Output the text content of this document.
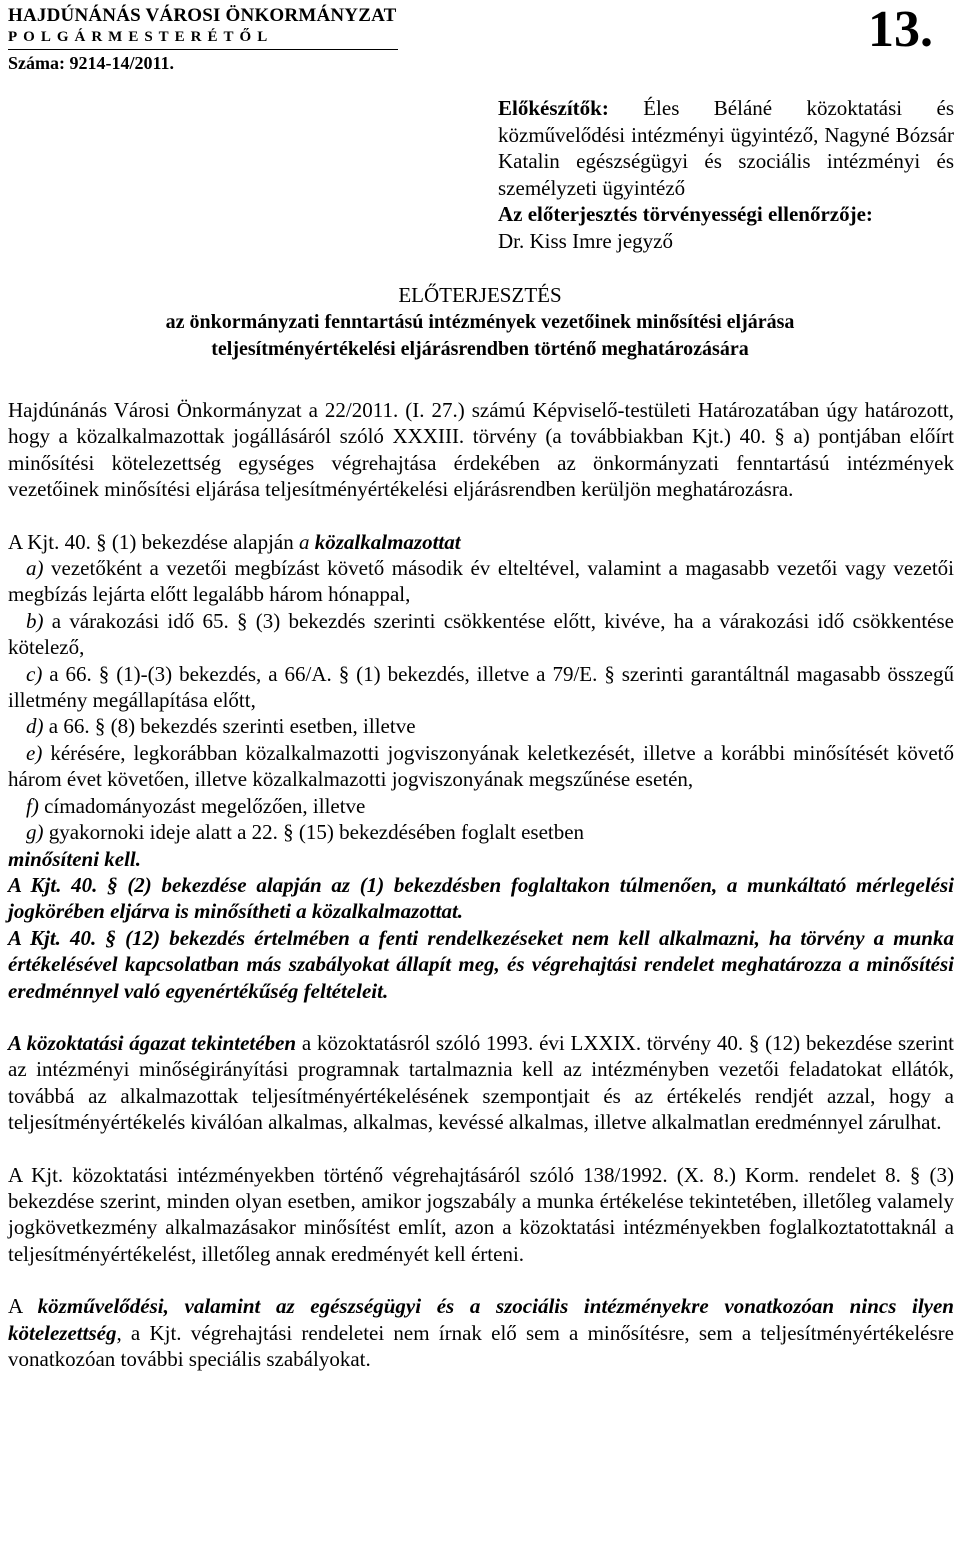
HAJDÚNÁNÁS VÁROSI ÖNKORMÁNYZAT
POLGÁRMESTERÉTŐL
Száma: 9214-14/2011.
13.

Előkészítők: Éles Béláné közoktatási és közművelődési intézményi ügyintéző, Nagyné Bózsár Katalin egészségügyi és szociális intézményi és személyzeti ügyintéző

Az előterjesztés törvényességi ellenőrzője:

Dr. Kiss Imre jegyző

ELŐTERJESZTÉS
az önkormányzati fenntartású intézmények vezetőinek minősítési eljárása
teljesítményértékelési eljárásrendben történő meghatározására

Hajdúnánás Városi Önkormányzat a 22/2011. (I. 27.) számú Képviselő-testületi Határozatában úgy határozott, hogy a közalkalmazottak jogállásáról szóló XXXIII. törvény (a továbbiakban Kjt.) 40. § a) pontjában előírt minősítési kötelezettség egységes végrehajtása érdekében az önkormányzati fenntartású intézmények vezetőinek minősítési eljárása teljesítményértékelési eljárásrendben kerüljön meghatározásra.

A Kjt. 40. § (1) bekezdése alapján a közalkalmazottat

a) vezetőként a vezetői megbízást követő második év elteltével, valamint a magasabb vezetői vagy vezetői megbízás lejárta előtt legalább három hónappal,

b) a várakozási idő 65. § (3) bekezdés szerinti csökkentése előtt, kivéve, ha a várakozási idő csökkentése kötelező,

c) a 66. § (1)-(3) bekezdés, a 66/A. § (1) bekezdés, illetve a 79/E. § szerinti garantáltnál magasabb összegű illetmény megállapítása előtt,

d) a 66. § (8) bekezdés szerinti esetben, illetve

e) kérésére, legkorábban közalkalmazotti jogviszonyának keletkezését, illetve a korábbi minősítését követő három évet követően, illetve közalkalmazotti jogviszonyának megszűnése esetén,

f) címadományozást megelőzően, illetve

g) gyakornoki ideje alatt a 22. § (15) bekezdésében foglalt esetben

minősíteni kell.

A Kjt. 40. § (2) bekezdése alapján az (1) bekezdésben foglaltakon túlmenően, a munkáltató mérlegelési jogkörében eljárva is minősítheti a közalkalmazottat.

A Kjt. 40. § (12) bekezdés értelmében a fenti rendelkezéseket nem kell alkalmazni, ha törvény a munka értékelésével kapcsolatban más szabályokat állapít meg, és végrehajtási rendelet meghatározza a minősítési eredménnyel való egyenértékűség feltételeit.

A közoktatási ágazat tekintetében a közoktatásról szóló 1993. évi LXXIX. törvény 40. § (12) bekezdése szerint az intézményi minőségirányítási programnak tartalmaznia kell az intézményben vezetői feladatokat ellátók, továbbá az alkalmazottak teljesítményértékelésének szempontjait és az értékelés rendjét azzal, hogy a teljesítményértékelés kiválóan alkalmas, alkalmas, kevéssé alkalmas, illetve alkalmatlan eredménnyel zárulhat.

A Kjt. közoktatási intézményekben történő végrehajtásáról szóló 138/1992. (X. 8.) Korm. rendelet 8. § (3) bekezdése szerint, minden olyan esetben, amikor jogszabály a munka értékelése tekintetében, illetőleg valamely jogkövetkezmény alkalmazásakor minősítést említ, azon a közoktatási intézményekben foglalkoztatottaknál a teljesítményértékelést, illetőleg annak eredményét kell érteni.

A közművelődési, valamint az egészségügyi és a szociális intézményekre vonatkozóan nincs ilyen kötelezettség, a Kjt. végrehajtási rendeletei nem írnak elő sem a minősítésre, sem a teljesítményértékelésre vonatkozóan további speciális szabályokat.
